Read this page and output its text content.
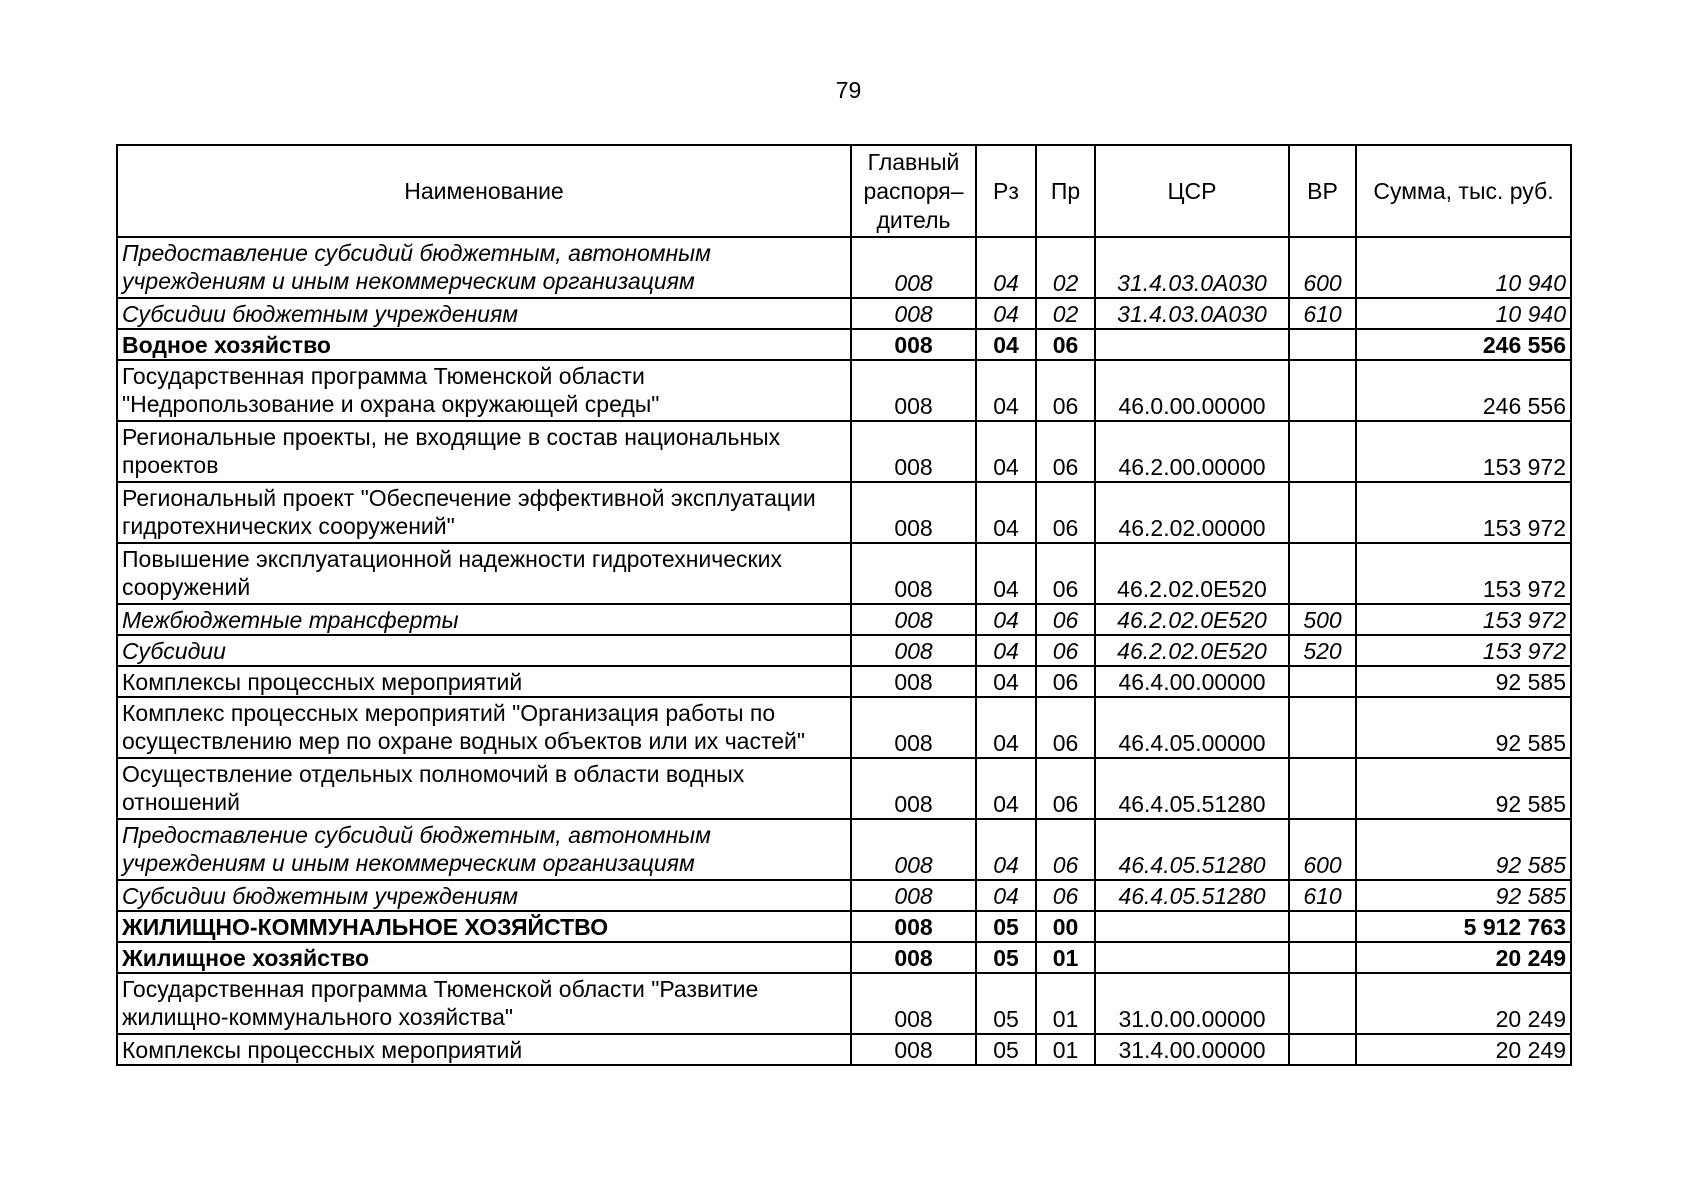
79
Наименование	Главный распоря– дитель	Рз	Пр	ЦСР	ВР	Сумма, тыс. руб.

Предоставление субсидий бюджетным, автономным учреждениям и иным некоммерческим организациям	008	04	02	31.4.03.0А030	600	10 940

Субсидии бюджетным учреждениям	008	04	02	31.4.03.0А030	610	10 940

Водное хозяйство	008	04	06			246 556

Государственная программа Тюменской области "Недропользование и охрана окружающей среды"	008	04	06	46.0.00.00000		246 556

Региональные проекты, не входящие в состав национальных проектов	008	04	06	46.2.00.00000		153 972

Региональный проект "Обеспечение эффективной эксплуатации гидротехнических сооружений"	008	04	06	46.2.02.00000		153 972

Повышение эксплуатационной надежности гидротехнических сооружений	008	04	06	46.2.02.0Е520		153 972

Межбюджетные трансферты	008	04	06	46.2.02.0Е520	500	153 972

Субсидии	008	04	06	46.2.02.0Е520	520	153 972

Комплексы процессных мероприятий	008	04	06	46.4.00.00000		92 585

Комплекс процессных мероприятий "Организация работы по осуществлению мер по охране водных объектов или их частей"	008	04	06	46.4.05.00000		92 585

Осуществление отдельных полномочий в области водных отношений	008	04	06	46.4.05.51280		92 585

Предоставление субсидий бюджетным, автономным учреждениям и иным некоммерческим организациям	008	04	06	46.4.05.51280	600	92 585

Субсидии бюджетным учреждениям	008	04	06	46.4.05.51280	610	92 585

ЖИЛИЩНО-КОММУНАЛЬНОЕ ХОЗЯЙСТВО	008	05	00			5 912 763

Жилищное хозяйство	008	05	01			20 249

Государственная программа Тюменской области "Развитие жилищно-коммунального хозяйства"	008	05	01	31.0.00.00000		20 249

Комплексы процессных мероприятий	008	05	01	31.4.00.00000		20 249
